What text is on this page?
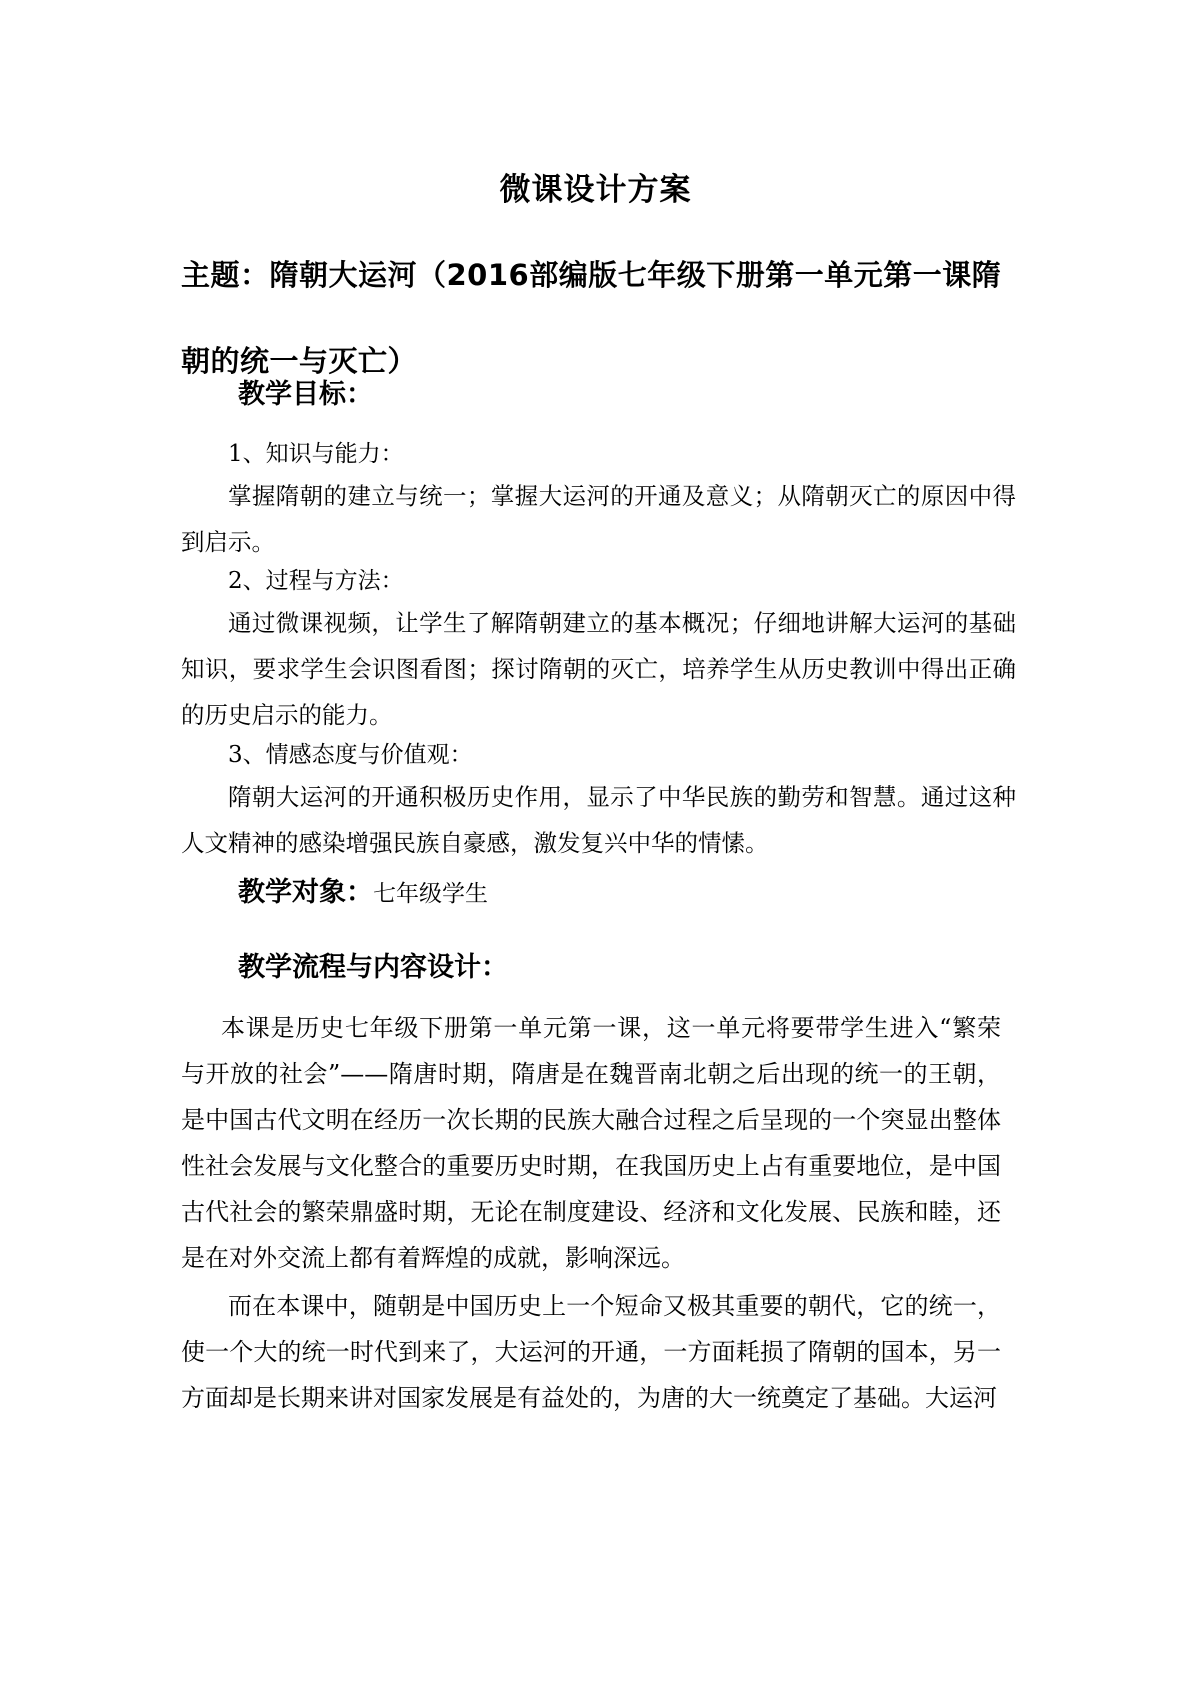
微课设计方案
主题：隋朝大运河（2016部编版七年级下册第一单元第一课隋朝的统一与灭亡）
教学目标：
1、知识与能力：

掌握隋朝的建立与统一；掌握大运河的开通及意义；从隋朝灭亡的原因中得到启示。

2、过程与方法：

通过微课视频，让学生了解隋朝建立的基本概况；仔细地讲解大运河的基础知识，要求学生会识图看图；探讨隋朝的灭亡，培养学生从历史教训中得出正确的历史启示的能力。

3、情感态度与价值观：

隋朝大运河的开通积极历史作用，显示了中华民族的勤劳和智慧。通过这种人文精神的感染增强民族自豪感，激发复兴中华的情愫。

教学对象：七年级学生
教学流程与内容设计：

本课是历史七年级下册第一单元第一课，这一单元将要带学生进入“繁荣与开放的社会”——隋唐时期，隋唐是在魏晋南北朝之后出现的统一的王朝，是中国古代文明在经历一次长期的民族大融合过程之后呈现的一个突显出整体性社会发展与文化整合的重要历史时期，在我国历史上占有重要地位，是中国古代社会的繁荣鼎盛时期，无论在制度建设、经济和文化发展、民族和睦，还是在对外交流上都有着辉煌的成就，影响深远。

而在本课中，随朝是中国历史上一个短命又极其重要的朝代，它的统一，使一个大的统一时代到来了，大运河的开通，一方面耗损了隋朝的国本，另一方面却是长期来讲对国家发展是有益处的，为唐的大一统奠定了基础。大运河
